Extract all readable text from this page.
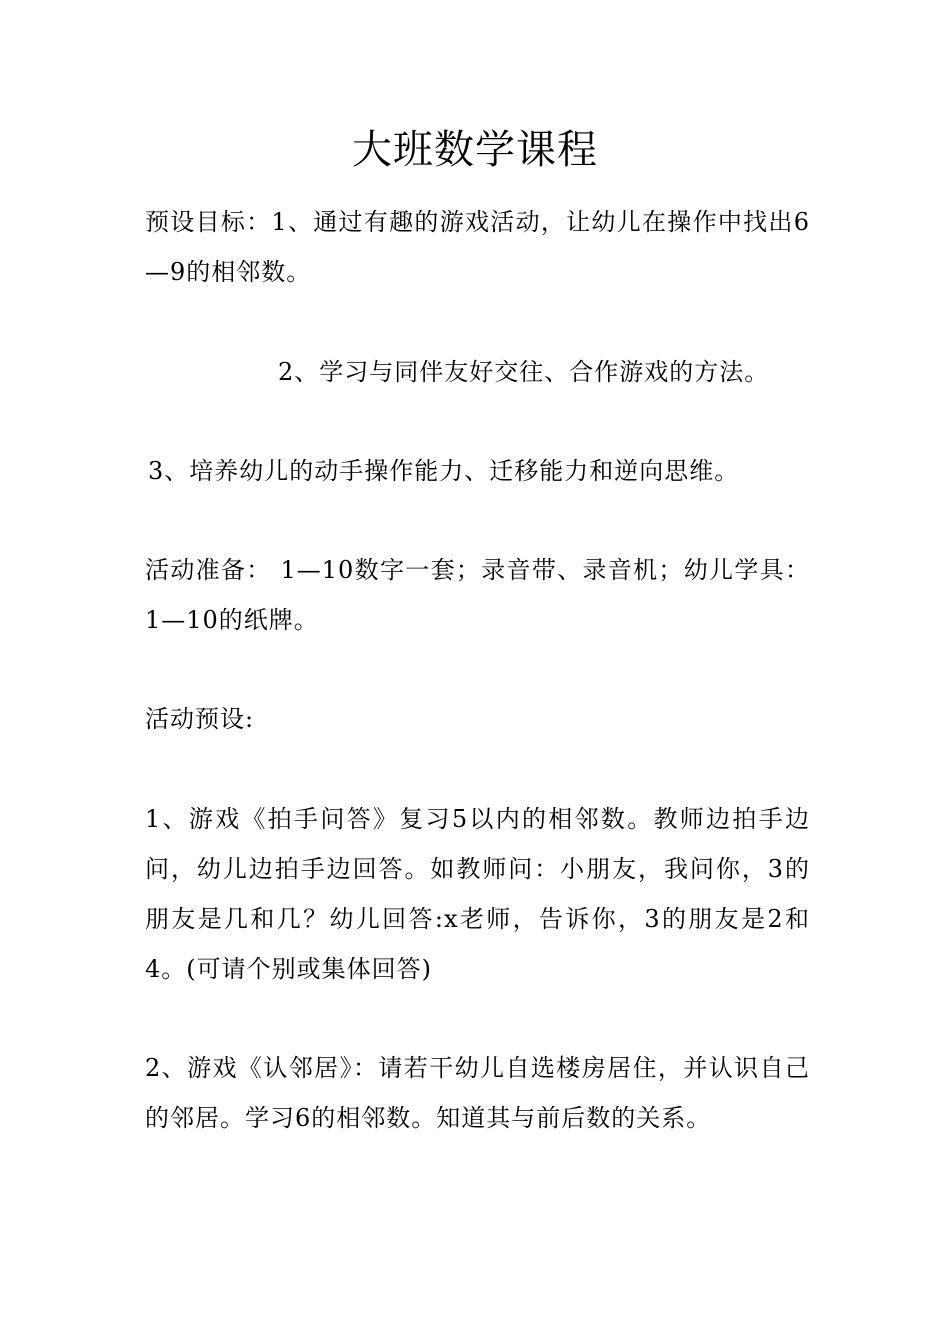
大班数学课程
预设目标：1、通过有趣的游戏活动，让幼儿在操作中找出6—9的相邻数。
2、学习与同伴友好交往、合作游戏的方法。
3、培养幼儿的动手操作能力、迁移能力和逆向思维。
活动准备： 1—10数字一套；录音带、录音机；幼儿学具： 1—10的纸牌。
活动预设:
1、游戏《拍手问答》复习5以内的相邻数。教师边拍手边问，幼儿边拍手边回答。如教师问：小朋友，我问你，3的朋友是几和几？幼儿回答:x老师，告诉你，3的朋友是2和4。(可请个别或集体回答)
2、游戏《认邻居》：请若干幼儿自选楼房居住，并认识自己的邻居。学习6的相邻数。知道其与前后数的关系。
